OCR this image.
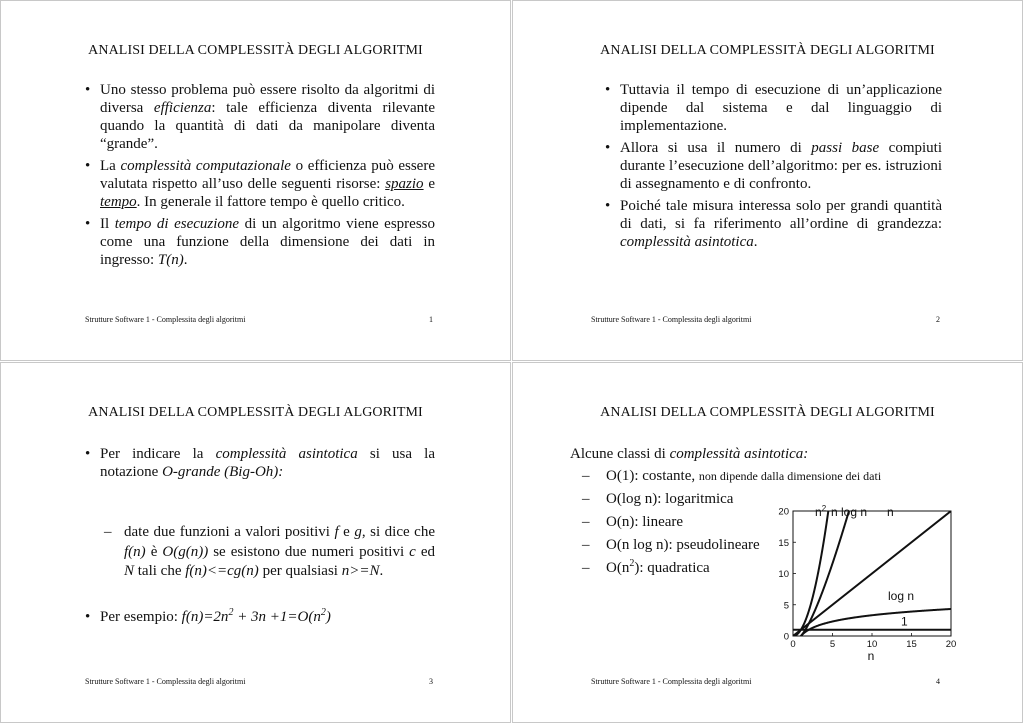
ANALISI DELLA COMPLESSITÀ DEGLI ALGORITMI
• Uno stesso problema può essere risolto da algoritmi di diversa efficienza: tale efficienza diventa rilevante quando la quantità di dati da manipolare diventa “grande”.
• La complessità computazionale o efficienza può essere valutata rispetto all’uso delle seguenti risorse: spazio e tempo. In generale il fattore tempo è quello critico.
• Il tempo di esecuzione di un algoritmo viene espresso come una funzione della dimensione dei dati in ingresso: T(n).
Strutture Software 1 - Complessita degli algoritmi	1
ANALISI DELLA COMPLESSITÀ DEGLI ALGORITMI
• Tuttavia il tempo di esecuzione di un’applicazione dipende dal sistema e dal linguaggio di implementazione.
• Allora si usa il numero di passi base compiuti durante l’esecuzione dell’algoritmo: per es. istruzioni di assegnamento e di confronto.
• Poiché tale misura interessa solo per grandi quantità di dati, si fa riferimento all’ordine di grandezza: complessità asintotica.
Strutture Software 1 - Complessita degli algoritmi	2
ANALISI DELLA COMPLESSITÀ DEGLI ALGORITMI
• Per indicare la complessità asintotica si usa la notazione O-grande (Big-Oh):
– date due funzioni a valori positivi f e g, si dice che f(n) è O(g(n)) se esistono due numeri positivi c ed N tali che f(n)<=cg(n) per qualsiasi n>=N.
• Per esempio: $f(n)=2n^2 + 3n +1=O(n^2)$
Strutture Software 1 - Complessita degli algoritmi	3
ANALISI DELLA COMPLESSITÀ DEGLI ALGORITMI
Alcune classi di complessità asintotica:
– O(1): costante, non dipende dalla dimensione dei dati
– O(log n): logaritmica
– O(n): lineare
– O(n log n): pseudolineare
– $O(n^2)$: quadratica
0	5	10	15	20
0
5
10
15
20
n
$n^2$ n log n n
log n
1
Strutture Software 1 - Complessita degli algoritmi	4
